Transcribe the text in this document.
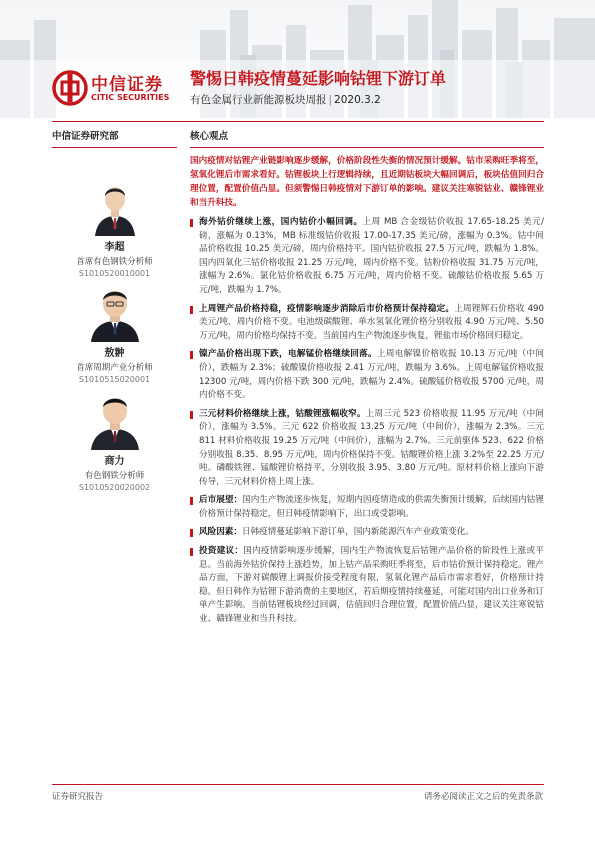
中信证券
CITIC SECURITIES
警惕日韩疫情蔓延影响钴锂下游订单
有色金属行业新能源板块周报 | 2020.3.2
中信证券研究部
李超
首席有色钢铁分析师
S1010520010001
敖翀
首席周期产业分析师
S1010515020001
商力
有色钢铁分析师
S1010520020002
核心观点
国内疫情对钴锂产业链影响逐步缓解，价格阶段性失衡的情况预计缓解。钴市采购旺季将至，氢氧化锂后市需求看好。钴锂板块上行逻辑持续，且近期钴板块大幅回调后，板块估值回归合理位置，配置价值凸显。但须警惕日韩疫情对下游订单的影响。建议关注寒锐钴业、赣锋锂业和当升科技。
海外钴价继续上涨，国内钴价小幅回调。上周 MB 合金级钴价收报 17.65-18.25 美元/磅，涨幅为 0.13%，MB 标准级钴价收报 17.00-17.35 美元/磅，涨幅为 0.3%。钴中间品价格收报 10.25 美元/磅，周内价格持平。国内钴价收报 27.5 万元/吨，跌幅为 1.8%。国内四氧化三钴价格收报 21.25 万元/吨，周内价格不变。钴粉价格收报 31.75 万元/吨，涨幅为 2.6%。氯化钴价格收报 6.75 万元/吨，周内价格不变。硫酸钴价格收报 5.65 万元/吨，跌幅为 1.7%。
上周锂产品价格持稳，疫情影响逐步消除后市价格预计保持稳定。上周锂辉石价格收 490 美元/吨，周内价格不变。电池级碳酸锂、单水氢氧化锂价格分别收报 4.90 万元/吨、5.50 万元/吨，周内价格均保持不变。当前国内生产物流逐步恢复，锂盐市场价格回归稳定。
镍产品价格出现下跌，电解锰价格继续回落。上周电解镍价格收报 10.13 万元/吨（中间价），跌幅为 2.3%；硫酸镍价格收报 2.41 万元/吨，跌幅为 3.6%。上周电解锰价格收报 12300 元/吨，周内价格下跌 300 元/吨，跌幅为 2.4%。硫酸锰价格收报 5700 元/吨，周内价格不变。
三元材料价格继续上涨，钴酸锂涨幅收窄。上周三元 523 价格收报 11.95 万元/吨（中间价），涨幅为 3.5%。三元 622 价格收报 13.25 万元/吨（中间价），涨幅为 2.3%。三元 811 材料价格收报 19.25 万元/吨（中间价），涨幅为 2.7%。三元前驱体 523、622 价格分别收报 8.35、8.95 万元/吨，周内价格保持不变。钴酸锂价格上涨 3.2%至 22.25 万元/吨。磷酸铁锂、锰酸锂价格持平，分别收报 3.95、3.80 万元/吨。原材料价格上涨向下游传导，三元材料价格上周上涨。
后市展望：国内生产物流逐步恢复，短期内因疫情造成的供需失衡预计缓解，后续国内钴锂价格预计保持稳定，但日韩疫情影响下，出口或受影响。
风险因素：日韩疫情蔓延影响下游订单，国内新能源汽车产业政策变化。
投资建议：国内疫情影响逐步缓解，国内生产物流恢复后钴锂产品价格的阶段性上涨或平息。当前海外钴价保持上涨趋势，加上钴产品采购旺季将至，后市钴价预计保持稳定。锂产品方面，下游对碳酸锂上调报价接受程度有限，氢氧化锂产品后市需求看好，价格预计持稳。但日韩作为钴锂下游消费的主要地区，若后期疫情持续蔓延，可能对国内出口业务和订单产生影响。当前钴锂板块经过回调，估值回归合理位置，配置价值凸显，建议关注寒锐钴业、赣锋锂业和当升科技。
证券研究报告	请务必阅读正文之后的免责条款
